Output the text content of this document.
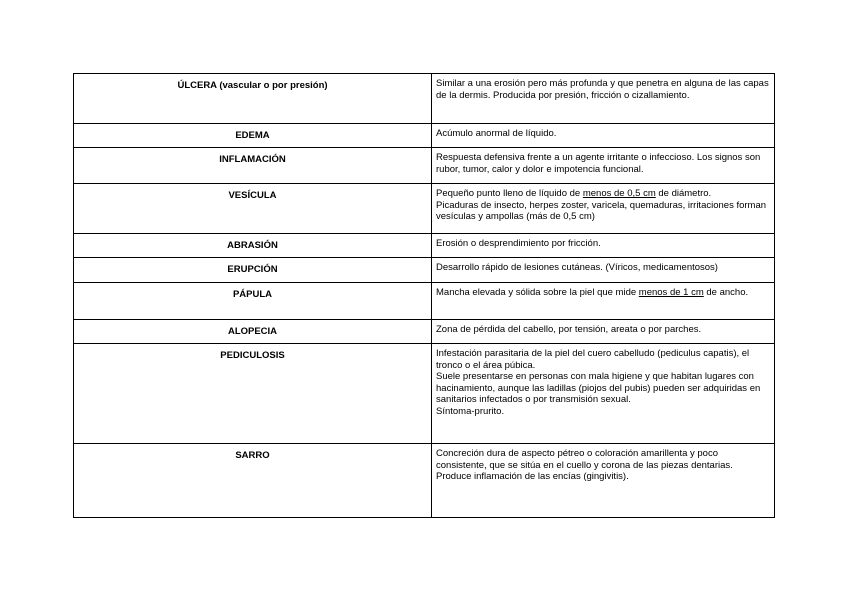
ÚLCERA (vascular o por presión)	Similar a una erosión pero más profunda y que penetra en alguna de las capas de la dermis. Producida por presión, fricción o cizallamiento.
EDEMA	Acúmulo anormal de líquido.
INFLAMACIÓN	Respuesta defensiva frente a un agente irritante o infeccioso. Los signos son rubor, tumor, calor y dolor e impotencia funcional.
VESÍCULA	Pequeño punto lleno de líquido de menos de 0,5 cm de diámetro.
Picaduras de insecto, herpes zoster, varicela, quemaduras, irritaciones forman vesículas y ampollas (más de 0,5 cm)

ABRASIÓN	Erosión o desprendimiento por fricción.
ERUPCIÓN	Desarrollo rápido de lesiones cutáneas. (Víricos, medicamentosos)
PÁPULA	Mancha elevada y sólida sobre la piel que mide menos de 1 cm de ancho.
ALOPECIA	Zona de pérdida del cabello, por tensión, areata o por parches.
PEDICULOSIS	Infestación parasitaria de la piel del cuero cabelludo (pediculus capatis), el tronco o el área púbica.
Suele presentarse en personas con mala higiene y que habitan lugares con hacinamiento, aunque las ladillas (piojos del pubis) pueden ser adquiridas en sanitarios infectados o por transmisión sexual.
Síntoma-prurito.

SARRO	Concreción dura de aspecto pétreo o coloración amarillenta y poco consistente, que se sitúa en el cuello y corona de las piezas dentarias.
Produce inflamación de las encías (gingivitis).
